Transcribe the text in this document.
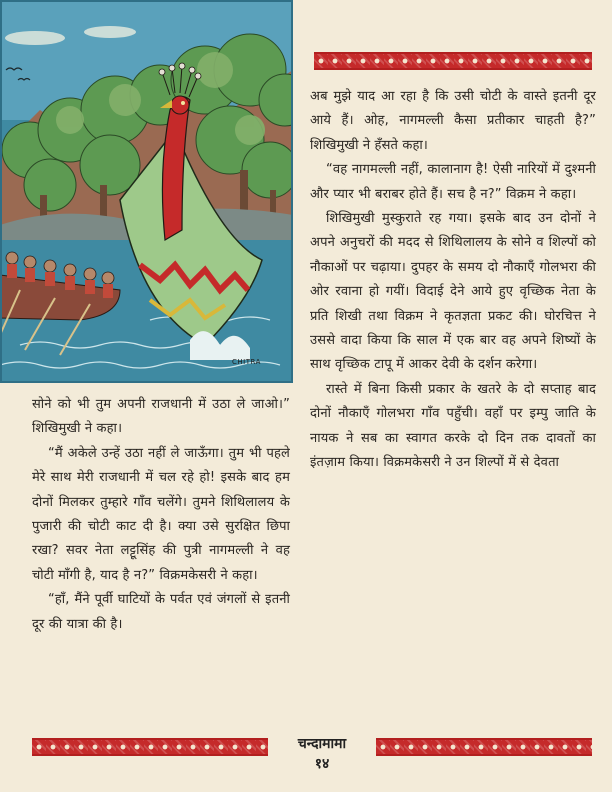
CHITRA

अब मुझे याद आ रहा है कि उसी चोटी के वास्ते इतनी दूर आये हैं। ओह, नागमल्ली कैसा प्रतीकार चाहती है?” शिखिमुखी ने हँसते कहा।

“वह नागमल्ली नहीं, कालानाग है! ऐसी नारियों में दुश्मनी और प्यार भी बराबर होते हैं। सच है न?” विक्रम ने कहा।

शिखिमुखी मुस्कुराते रह गया। इसके बाद उन दोनों ने अपने अनुचरों की मदद से शिथिलालय के सोने व शिल्पों को नौकाओं पर चढ़ाया। दुपहर के समय दो नौकाएँ गोलभरा की ओर रवाना हो गयीं। विदाई देने आये हुए वृच्छिक नेता के प्रति शिखी तथा विक्रम ने कृतज्ञता प्रकट की। घोरचित्त ने उससे वादा किया कि साल में एक बार वह अपने शिष्यों के साथ वृच्छिक टापू में आकर देवी के दर्शन करेगा।

रास्ते में बिना किसी प्रकार के खतरे के दो सप्ताह बाद दोनों नौकाएँ गोलभरा गाँव पहुँची। वहाँ पर इम्पु जाति के नायक ने सब का स्वागत करके दो दिन तक दावतों का इंतज़ाम किया। विक्रमकेसरी ने उन शिल्पों में से देवता

सोने को भी तुम अपनी राजधानी में उठा ले जाओ।” शिखिमुखी ने कहा।

“मैं अकेले उन्हें उठा नहीं ले जाऊँगा। तुम भी पहले मेरे साथ मेरी राजधानी में चल रहे हो! इसके बाद हम दोनों मिलकर तुम्हारे गाँव चलेंगे। तुमने शिथिलालय के पुजारी की चोटी काट दी है। क्या उसे सुरक्षित छिपा रखा? सवर नेता लट्टूसिंह की पुत्री नागमल्ली ने वह चोटी माँगी है, याद है न?” विक्रमकेसरी ने कहा।

“हाँ, मैंने पूर्वी घाटियों के पर्वत एवं जंगलों से इतनी दूर की यात्रा की है।

चन्दामामा
१४
